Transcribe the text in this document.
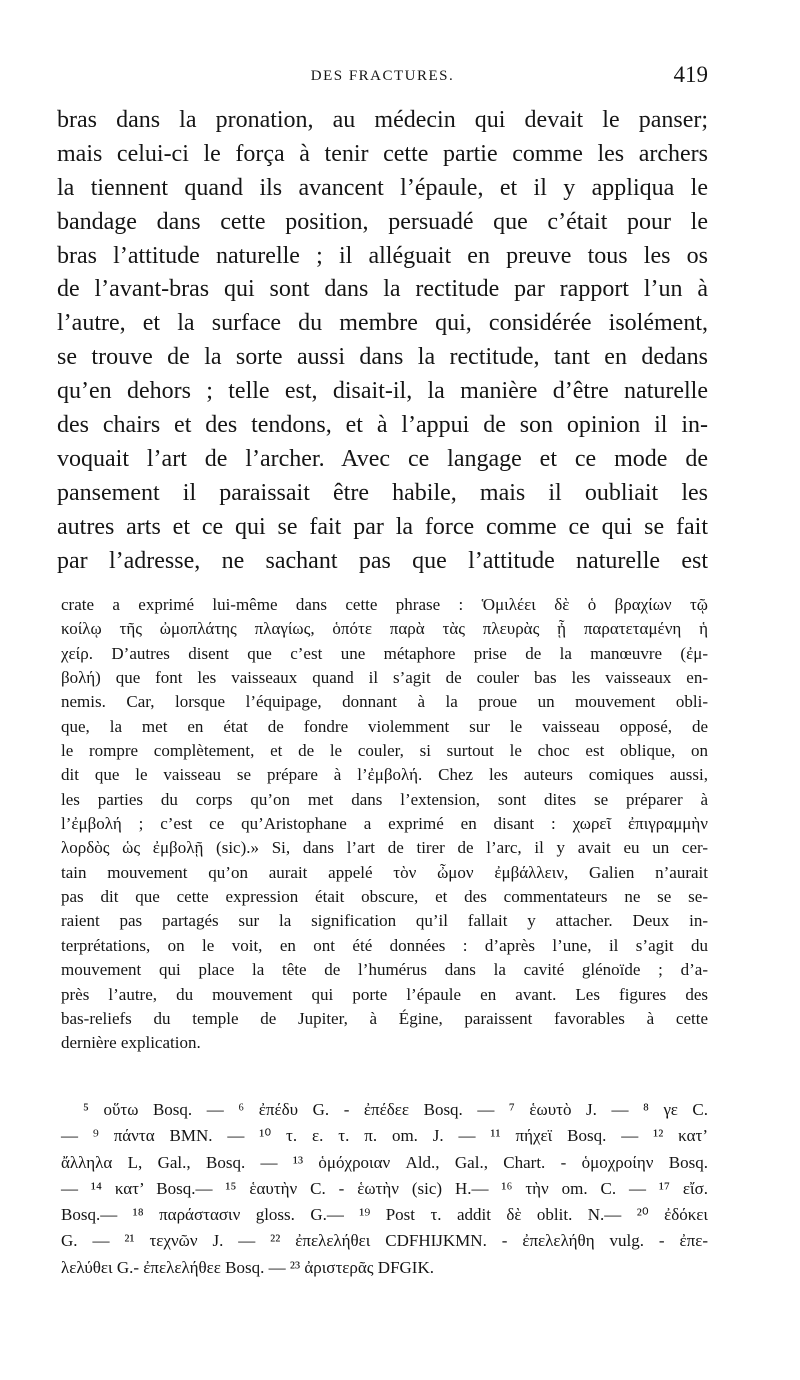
DES FRACTURES.	419
bras dans la pronation, au médecin qui devait le panser;
mais celui-ci le força à tenir cette partie comme les archers
la tiennent quand ils avancent l’épaule, et il y appliqua le
bandage dans cette position, persuadé que c’était pour le
bras l’attitude naturelle ; il alléguait en preuve tous les os
de l’avant-bras qui sont dans la rectitude par rapport l’un à
l’autre, et la surface du membre qui, considérée isolément,
se trouve de la sorte aussi dans la rectitude, tant en dedans
qu’en dehors ; telle est, disait-il, la manière d’être naturelle
des chairs et des tendons, et à l’appui de son opinion il in-
voquait l’art de l’archer. Avec ce langage et ce mode de
pansement il paraissait être habile, mais il oubliait les
autres arts et ce qui se fait par la force comme ce qui se fait
par l’adresse, ne sachant pas que l’attitude naturelle est
crate a exprimé lui-même dans cette phrase : Ὁμιλέει δὲ ὁ βραχίων τῷ
κοίλῳ τῆς ὠμοπλάτης πλαγίως, ὁπότε παρὰ τὰς πλευρὰς ᾖ παρατεταμένη ἡ
χείρ. D’autres disent que c’est une métaphore prise de la manœuvre (ἐμ-
βολή) que font les vaisseaux quand il s’agit de couler bas les vaisseaux en-
nemis. Car, lorsque l’équipage, donnant à la proue un mouvement obli-
que, la met en état de fondre violemment sur le vaisseau opposé, de
le rompre complètement, et de le couler, si surtout le choc est oblique, on
dit que le vaisseau se prépare à l’ἐμβολή. Chez les auteurs comiques aussi,
les parties du corps qu’on met dans l’extension, sont dites se préparer à
l’ἐμβολή ; c’est ce qu’Aristophane a exprimé en disant : χωρεῖ ἐπιγραμμὴν
λορδὸς ὡς ἐμβολῇ (sic).» Si, dans l’art de tirer de l’arc, il y avait eu un cer-
tain mouvement qu’on aurait appelé τὸν ὦμον ἐμβάλλειν, Galien n’aurait
pas dit que cette expression était obscure, et des commentateurs ne se se-
raient pas partagés sur la signification qu’il fallait y attacher. Deux in-
terprétations, on le voit, en ont été données : d’après l’une, il s’agit du
mouvement qui place la tête de l’humérus dans la cavité glénoïde ; d’a-
près l’autre, du mouvement qui porte l’épaule en avant. Les figures des
bas-reliefs du temple de Jupiter, à Égine, paraissent favorables à cette
dernière explication.
⁵ οὕτω Bosq. — ⁶ ἐπέδυ G. - ἐπέδεε Bosq. — ⁷ ἑωυτὸ J. — ⁸ γε C.
— ⁹ πάντα BMN. — ¹⁰ τ. ε. τ. π. om. J. — ¹¹ πήχεϊ Bosq. — ¹² κατ’
ἄλληλα L, Gal., Bosq. — ¹³ ὁμόχροιαν Ald., Gal., Chart. - ὁμοχροίην Bosq.
— ¹⁴ κατ’ Bosq.— ¹⁵ ἑαυτὴν C. - ἑωτὴν (sic) H.— ¹⁶ τὴν om. C. — ¹⁷ εἴσ.
Bosq.— ¹⁸ παράστασιν gloss. G.— ¹⁹ Post τ. addit δὲ oblit. N.— ²⁰ ἐδόκει
G. — ²¹ τεχνῶν J. — ²² ἐπελελήθει CDFHIJKMN. - ἐπελελήθη vulg. - ἐπε-
λελύθει G.- ἐπελελήθεε Bosq. — ²³ ἀριστερᾶς DFGIK.
